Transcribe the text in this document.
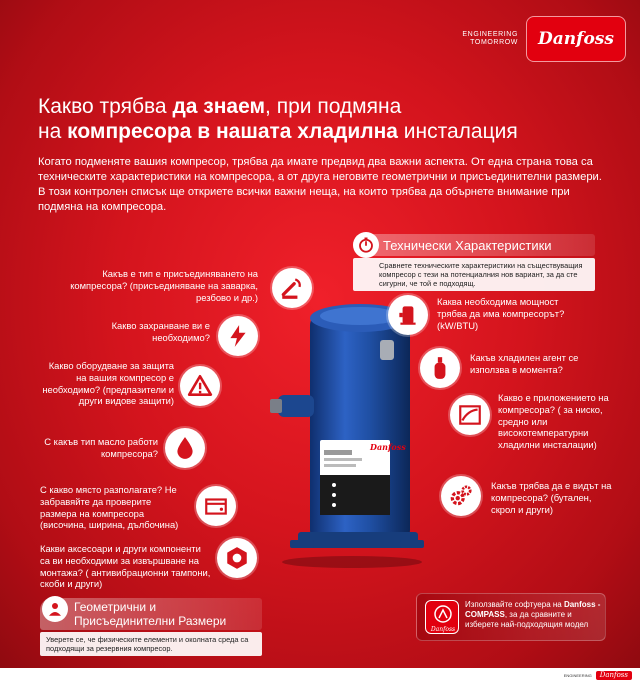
ENGINEERING
TOMORROW	Danfoss
Какво трябва да знаем, при подмяна
на компресора в нашата хладилна инсталация

Когато подменяте вашия компресор, трябва да имате предвид два важни аспекта. От една страна това са техническите характеристики на компресора, а от друга неговите геометрични и присъединителни размери. В този контролен списък ще откриете всички важни неща, на които трябва да обърнете внимание при подмяна на компресора.

Технически Характеристики
Сравнете техническите характеристики на съществуващия компресор с тези на потенциалния нов вариант, за да сте сигурни, че той е подходящ.
Danfoss
Какъв е тип е присъединяването на компресора? (присъединяване на заварка, резбово и др.)
Какво захранване ви е необходимо?
Какво оборудване за защита на вашия компресор е необходимо? (предпазители и други видове защити)
С какъв тип масло работи компресора?
С какво място разполагате? Не забравяйте да проверите размера на компресора (височина, ширина, дълбочина)
Какви аксесоари и други компоненти са ви необходими за извършване на монтажа? ( антивибрационни тампони, скоби и други)
Каква необходима мощност трябва да има компресорът? (kW/BTU)
Какъв хладилен агент се използва в момента?
Какво е приложението на компресора? ( за ниско, средно или високотемпературни хладилни инсталации)
Какъв трябва да е видът на компресора? (бутален, скрол и други)
Геометрични и Присъединителни Размери
Уверете се, че физическите елементи и околната среда са подходящи за резервния компресор.
Danfoss
Използвайте софтуера на Danfoss - COMPASS, за да сравните и изберете най-подходящия модел
ENGINEERING	Danfoss
